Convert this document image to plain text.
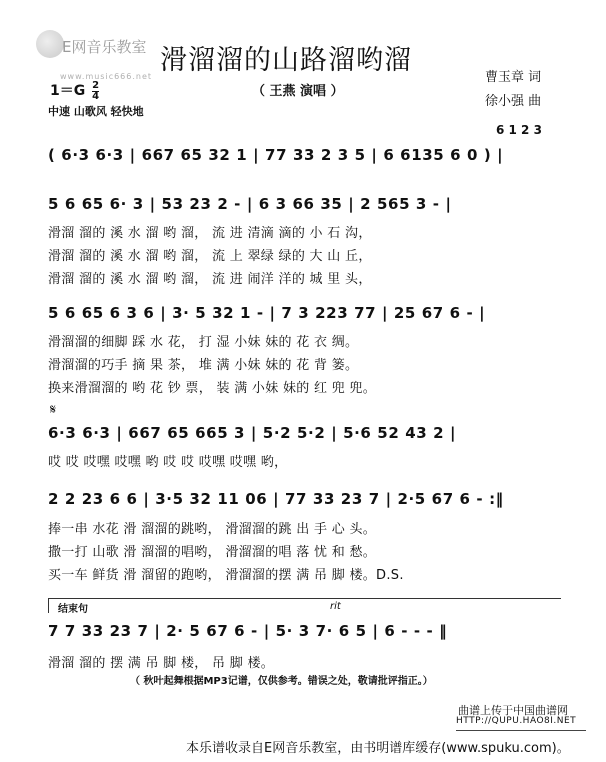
E网音乐教室
www.music666.net
滑溜溜的山路溜哟溜
（ 王燕 演唱 ）
曹玉章 词
徐小强 曲
$1=G \frac{2}{4}$
中速 山歌风 轻快地
6 1 2 3
( 6·3 6·3 | 667 65 32 1 | 77 33 2 3 5 | 6 6135 6 0 ) |
5 6 65 6· 3 | 53 23 2 - | 6 3 66 35 | 2 565 3 - |
滑溜 溜的 溪 水 溜 哟 溜， 流 进 清滴 滴的 小 石 沟，
滑溜 溜的 溪 水 溜 哟 溜， 流 上 翠绿 绿的 大 山 丘，
滑溜 溜的 溪 水 溜 哟 溜， 流 进 闹洋 洋的 城 里 头，
5 6 65 6 3 6 | 3· 5 32 1 - | 7 3 223 77 | 25 67 6 - |
滑溜溜的细脚 踩 水 花， 打 湿 小妹 妹的 花 衣 绸。
滑溜溜的巧手 摘 果 茶， 堆 满 小妹 妹的 花 背 篓。
换来滑溜溜的 哟 花 钞 票， 装 满 小妹 妹的 红 兜 兜。
𝄋
6·3 6·3 | 667 65 665 3 | 5·2 5·2 | 5·6 52 43 2 |
哎 哎 哎嘿 哎嘿 哟 哎 哎 哎嘿 哎嘿 哟，
2 2 23 6 6 | 3·5 32 11 06 | 77 33 23 7 | 2·5 67 6 - :‖
捧一串 水花 滑 溜溜的跳哟， 滑溜溜的跳 出 手 心 头。
撒一打 山歌 滑 溜溜的唱哟， 滑溜溜的唱 落 忧 和 愁。
买一车 鲜货 滑 溜留的跑哟， 滑溜溜的摆 满 吊 脚 楼。D.S.
结束句	rit
7 7 33 23 7 | 2· 5 67 6 - | 5· 3 7· 6 5 | 6 - - - ‖
滑溜 溜的 摆 满 吊 脚 楼， 吊 脚 楼。
（ 秋叶起舞根据MP3记谱，仅供参考。错误之处，敬请批评指正。）
曲谱上传于中国曲谱网
HTTP://QUPU.HAO8I.NET
本乐谱收录自E网音乐教室，由书明谱库缓存(www.spuku.com)。
